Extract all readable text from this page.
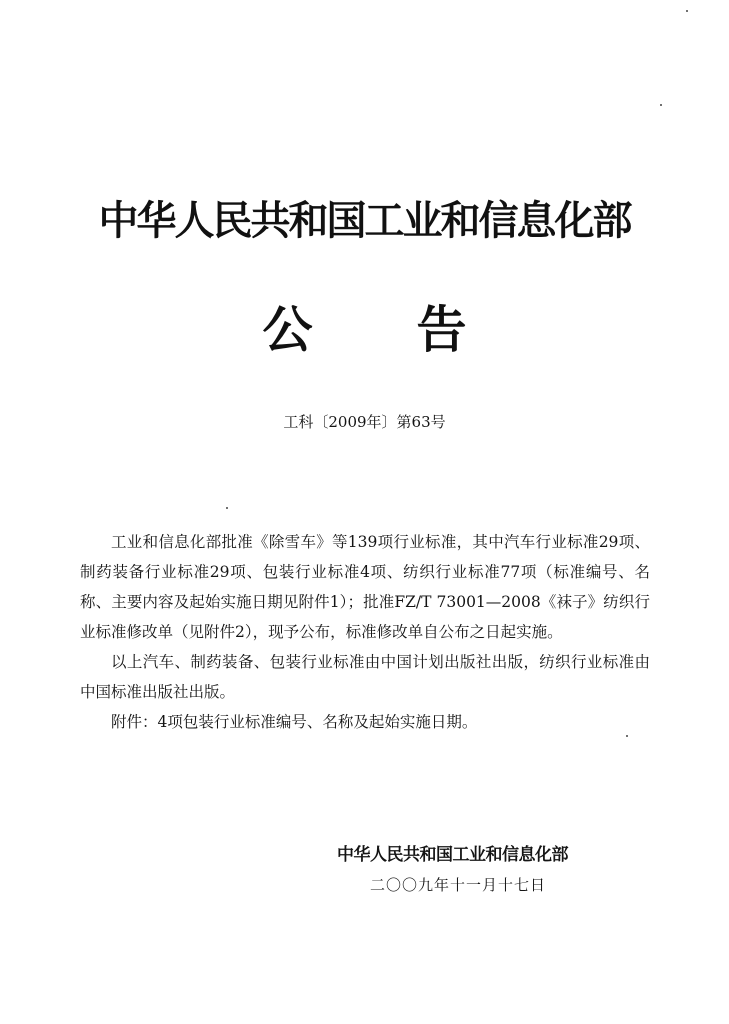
中华人民共和国工业和信息化部
公 告
工科〔2009年〕第63号

工业和信息化部批准《除雪车》等139项行业标准，其中汽车行业标准29项、制药装备行业标准29项、包装行业标准4项、纺织行业标准77项（标准编号、名称、主要内容及起始实施日期见附件1）；批准FZ/T 73001—2008《袜子》纺织行业标准修改单（见附件2），现予公布，标准修改单自公布之日起实施。

以上汽车、制药装备、包装行业标准由中国计划出版社出版，纺织行业标准由中国标准出版社出版。

附件：4项包装行业标准编号、名称及起始实施日期。

中华人民共和国工业和信息化部
二〇〇九年十一月十七日
